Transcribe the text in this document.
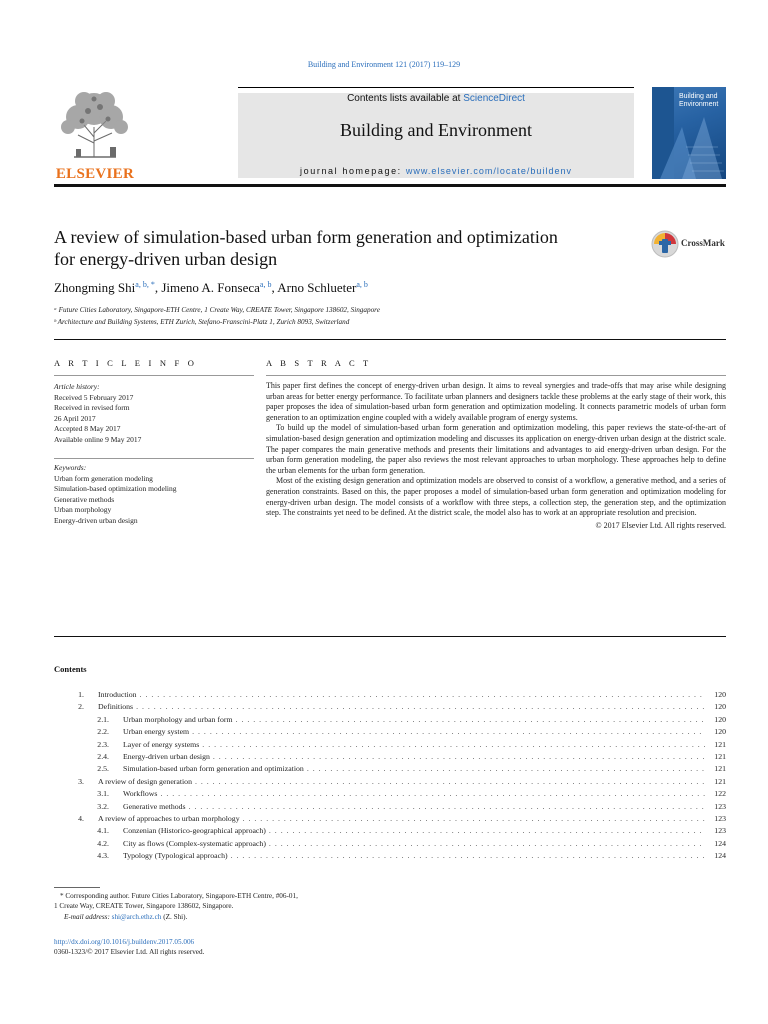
Building and Environment 121 (2017) 119–129
ELSEVIER
Contents lists available at ScienceDirect
Building and Environment
journal homepage: www.elsevier.com/locate/buildenv
Building and
Environment
A review of simulation-based urban form generation and optimization
for energy-driven urban design
CrossMark
Zhongming Shi$^{a, b, *}$, Jimeno A. Fonseca$^{a, b}$, Arno Schlueter$^{a, b}$
ᵃ Future Cities Laboratory, Singapore-ETH Centre, 1 Create Way, CREATE Tower, Singapore 138602, Singapore
ᵇ Architecture and Building Systems, ETH Zurich, Stefano-Franscini-Platz 1, Zurich 8093, Switzerland
A R T I C L E I N F O
Article history:
Received 5 February 2017
Received in revised form
26 April 2017
Accepted 8 May 2017
Available online 9 May 2017
Keywords:
Urban form generation modeling
Simulation-based optimization modeling
Generative methods
Urban morphology
Energy-driven urban design
A B S T R A C T

This paper first defines the concept of energy-driven urban design. It aims to reveal synergies and trade-offs that may arise while designing urban areas for better energy performance. To facilitate urban planners and designers tackle these problems at the early stage of their work, this paper proposes the idea of simulation-based urban form generation and optimization modeling. It connects parametric models of urban form generation to an optimization engine coupled with a widely available program of energy systems.

To build up the model of simulation-based urban form generation and optimization modeling, this paper reviews the state-of-the-art of simulation-based design generation and optimization modeling and discusses its application on energy-driven urban design at the district scale. The paper compares the main generative methods and presents their limitations and advantages to aid energy-driven urban design. For the urban form generation modeling, the paper also reviews the most relevant approaches to urban morphology. These approaches help to define the urban elements for the urban form generation.

Most of the existing design generation and optimization models are observed to consist of a workflow, a generative method, and a series of generation constraints. Based on this, the paper proposes a model of simulation-based urban form generation and optimization modeling for energy-driven urban design. The model consists of a workflow with three steps, a collection step, the generation step, and the optimization step. The constraints yet need to be defined. At the district scale, the model also has to work at an appropriate resolution and precision.

© 2017 Elsevier Ltd. All rights reserved.
Contents
1.	Introduction . . .	120
2.	Definitions . . .	120
2.1.	Urban morphology and urban form . . .	120
2.2.	Urban energy system . . .	120
2.3.	Layer of energy systems . . .	121
2.4.	Energy-driven urban design . . .	121
2.5.	Simulation-based urban form generation and optimization . . .	121
3.	A review of design generation . . .	121
3.1.	Workflows . . .	122
3.2.	Generative methods . . .	123
4.	A review of approaches to urban morphology . . .	123
4.1.	Conzenian (Historico-geographical approach) . . .	123
4.2.	City as flows (Complex-systematic approach) . . .	124
4.3.	Typology (Typological approach) . . .	124
* Corresponding author. Future Cities Laboratory, Singapore-ETH Centre, #06-01,
1 Create Way, CREATE Tower, Singapore 138602, Singapore.
E-mail address: shi@arch.ethz.ch (Z. Shi).
http://dx.doi.org/10.1016/j.buildenv.2017.05.006
0360-1323/© 2017 Elsevier Ltd. All rights reserved.
